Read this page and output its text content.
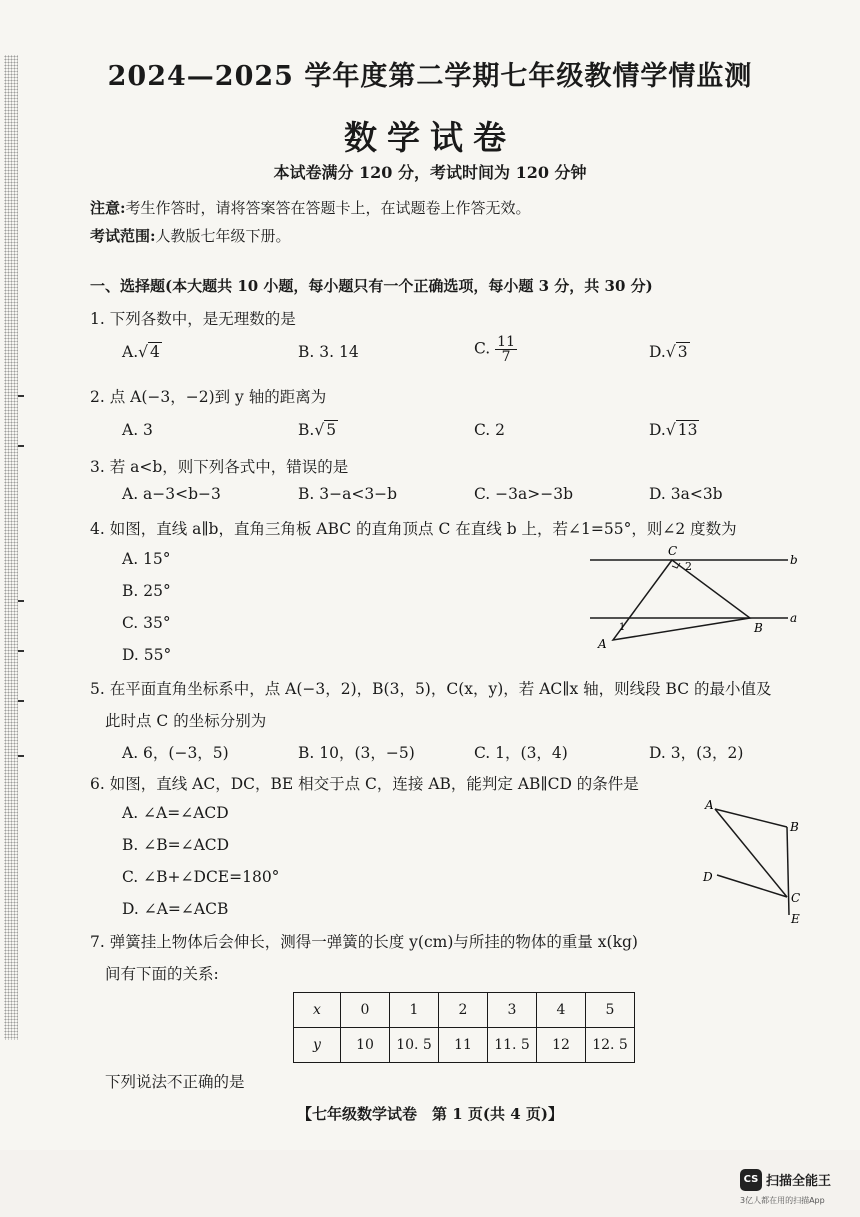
2024—2025 学年度第二学期七年级教情学情监测
数学试卷
本试卷满分 120 分，考试时间为 120 分钟
注意:考生作答时，请将答案答在答题卡上，在试题卷上作答无效。
考试范围:人教版七年级下册。
一、选择题(本大题共 10 小题，每小题只有一个正确选项，每小题 3 分，共 30 分)
1. 下列各数中，是无理数的是
A.√ 4	B. 3. 14	C. $\frac{11}{7}$	D.√ 3
2. 点 A(−3，−2)到 y 轴的距离为
A. 3	B.√ 5	C. 2	D.√ 13
3. 若 a<b，则下列各式中，错误的是
A. a−3<b−3	B. 3−a<3−b	C. −3a>−3b	D. 3a<3b
4. 如图，直线 a∥b，直角三角板 ABC 的直角顶点 C 在直线 b 上，若∠1=55°，则∠2 度数为
A. 15°
B. 25°
C. 35°
D. 55°
C
2	b
1	B
a
A
5. 在平面直角坐标系中，点 A(−3，2)，B(3，5)，C(x，y)，若 AC∥x 轴，则线段 BC 的最小值及
此时点 C 的坐标分别为
A. 6，(−3，5)	B. 10，(3，−5)	C. 1，(3，4)	D. 3，(3，2)
6. 如图，直线 AC，DC，BE 相交于点 C，连接 AB，能判定 AB∥CD 的条件是
A. ∠A=∠ACD
B. ∠B=∠ACD
C. ∠B+∠DCE=180°
D. ∠A=∠ACB
A
B
D
C
E
7. 弹簧挂上物体后会伸长，测得一弹簧的长度 y(cm)与所挂的物体的重量 x(kg)
间有下面的关系:
x	0	1	2	3	4	5
y	10	10. 5	11	11. 5	12	12. 5
下列说法不正确的是
【七年级数学试卷　第 1 页(共 4 页)】
CS 扫描全能王
3亿人都在用的扫描App
